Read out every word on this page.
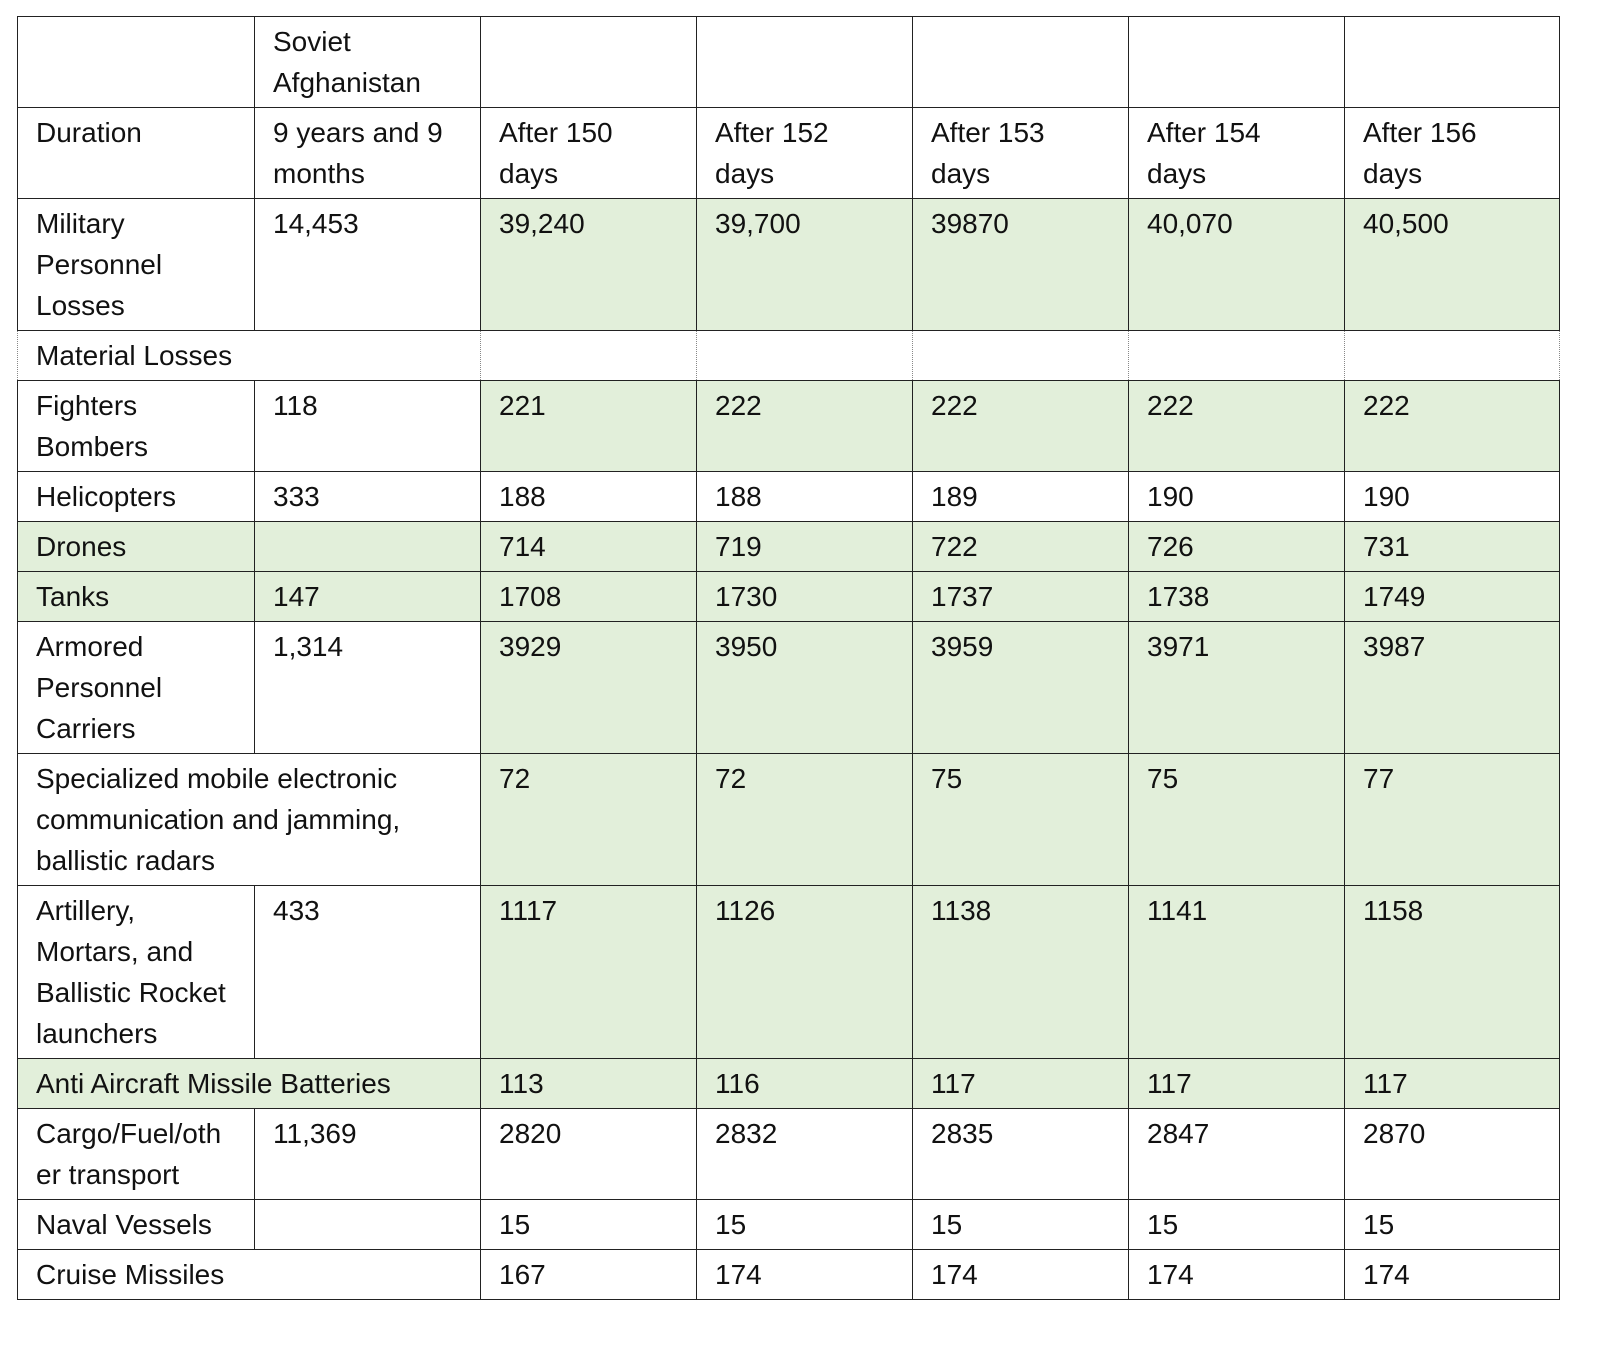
	Soviet Afghanistan					
Duration	9 years and 9 months	After 150 days	After 152 days	After 153 days	After 154 days	After 156 days
Military Personnel Losses	14,453	39,240	39,700	39870	40,070	40,500
Material Losses						
Fighters Bombers	118	221	222	222	222	222
Helicopters	333	188	188	189	190	190
Drones		714	719	722	726	731
Tanks	147	1708	1730	1737	1738	1749
Armored Personnel Carriers	1,314	3929	3950	3959	3971	3987
Specialized mobile electronic communication and jamming, ballistic radars		72	72	75	75	77
Artillery, Mortars, and Ballistic Rocket launchers	433	1117	1126	1138	1141	1158
Anti Aircraft Missile Batteries		113	116	117	117	117
Cargo/Fuel/other transport	11,369	2820	2832	2835	2847	2870
Naval Vessels		15	15	15	15	15
Cruise Missiles		167	174	174	174	174
